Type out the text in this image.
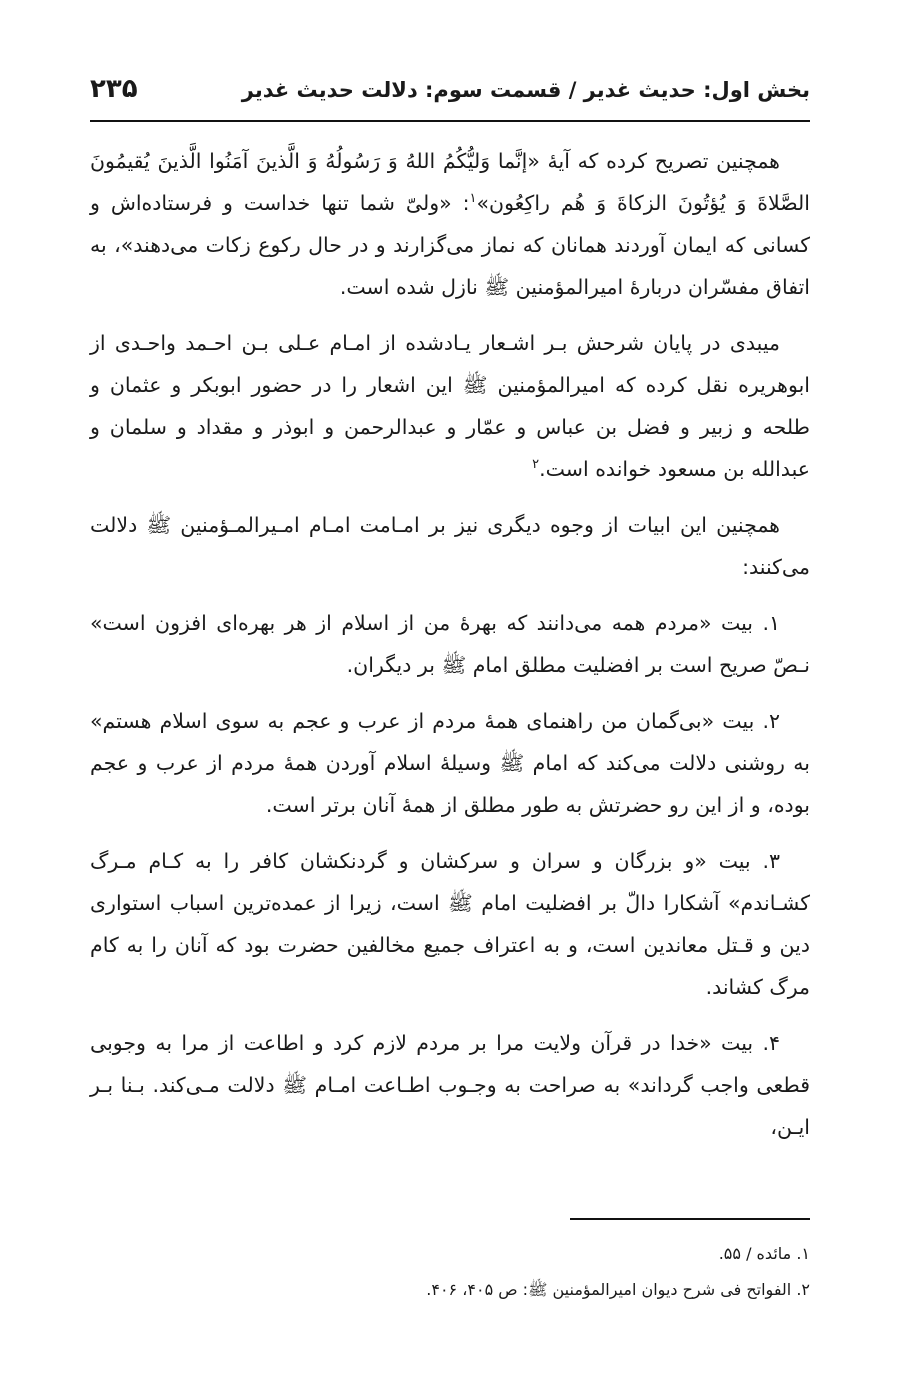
بخش اول: حدیث غدیر / قسمت سوم: دلالت حدیث غدیر
۲۳۵

همچنین تصریح کرده که آیهٔ «إنَّما وَلیُّکُمُ اللهُ وَ رَسُولُهُ وَ الَّذینَ آمَنُوا الَّذینَ یُقیمُونَ الصَّلاةَ وَ یُؤتُونَ الزکاةَ وَ هُم راکِعُون»$^۱$: «ولیّ شما تنها خداست و فرستاده‌اش و کسانی که ایمان آوردند همانان که نماز می‌گزارند و در حال رکوع زکات می‌دهند»، به اتفاق مفسّران دربارهٔ امیرالمؤمنین ﷺ نازل شده است.

میبدی در پایان شرحش بـر اشـعار یـادشده از امـام عـلی بـن احـمد واحـدی از ابوهریره نقل کرده که امیرالمؤمنین ﷺ این اشعار را در حضور ابوبکر و عثمان و طلحه و زبیر و فضل بن عباس و عمّار و عبدالرحمن و ابوذر و مقداد و سلمان و عبدالله بن مسعود خوانده است.$^۲$

همچنین این ابیات از وجوه دیگری نیز بر امـامت امـام امـیرالمـؤمنین ﷺ دلالت می‌کنند:

۱. بیت «مردم همه می‌دانند که بهرهٔ من از اسلام از هر بهره‌ای افزون است» نـصّ صریح است بر افضلیت مطلق امام ﷺ بر دیگران.

۲. بیت «بی‌گمان من راهنمای همهٔ مردم از عرب و عجم به سوی اسلام هستم» به روشنی دلالت می‌کند که امام ﷺ وسیلهٔ اسلام آوردن همهٔ مردم از عرب و عجم بوده، و از این رو حضرتش به طور مطلق از همهٔ آنان برتر است.

۳. بیت «و بزرگان و سران و سرکشان و گردنکشان کافر را به کـام مـرگ کشـاندم» آشکارا دالّ بر افضلیت امام ﷺ است، زیرا از عمده‌ترین اسباب استواری دین و قـتل معاندین است، و به اعتراف جمیع مخالفین حضرت بود که آنان را به کام مرگ کشاند.

۴. بیت «خدا در قرآن ولایت مرا بر مردم لازم کرد و اطاعت از مرا به وجوبی قطعی واجب گرداند» به صراحت به وجـوب اطـاعت امـام ﷺ دلالت مـی‌کند. بـنا بـر ایـن،

۱. مائده / ۵۵.

۲. الفواتح فی شرح دیوان امیرالمؤمنین ﷺ: ص ۴۰۵، ۴۰۶.
